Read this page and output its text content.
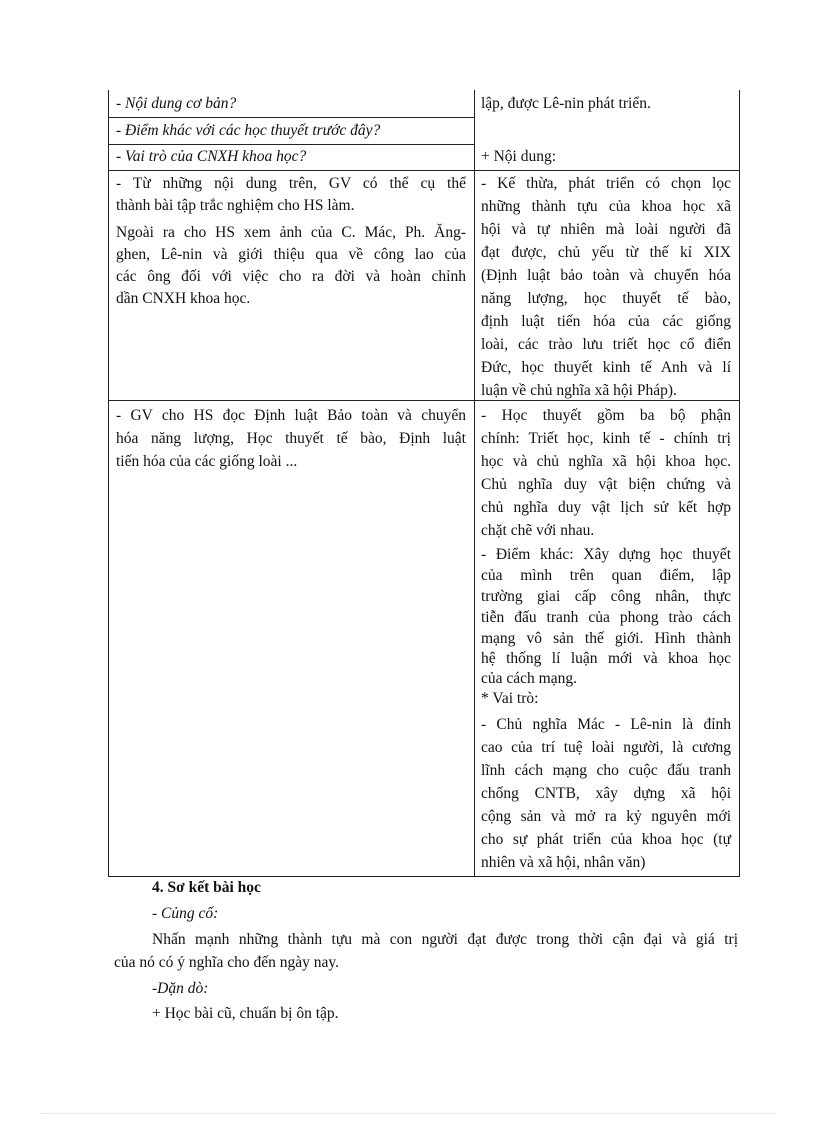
- Nội dung cơ bản?
- Điểm khác với các học thuyết trước đây?
- Vai trò của CNXH khoa học?
- Từ những nội dung trên, GV có thể cụ thể
thành bài tập trắc nghiệm cho HS làm.
Ngoài ra cho HS xem ảnh của C. Mác, Ph. Ăng-
ghen, Lê-nin và giới thiệu qua về công lao của
các ông đối với việc cho ra đời và hoàn chỉnh
dần CNXH khoa học.
- GV cho HS đọc Định luật Bảo toàn và chuyển
hóa năng lượng, Học thuyết tế bào, Định luật
tiến hóa của các giống loài ...
lập, được Lê-nin phát triển.
+ Nội dung:
- Kế thừa, phát triển có chọn lọc
những thành tựu của khoa học xã
hội và tự nhiên mà loài người đã
đạt được, chủ yếu từ thế kỉ XIX
(Định luật bảo toàn và chuyển hóa
năng lượng, học thuyết tế bào,
định luật tiến hóa của các giống
loài, các trào lưu triết học cổ điển
Đức, học thuyết kinh tế Anh và lí
luận về chủ nghĩa xã hội Pháp).
- Học thuyết gồm ba bộ phận
chính: Triết học, kinh tế - chính trị
học và chủ nghĩa xã hội khoa học.
Chủ nghĩa duy vật biện chứng và
chủ nghĩa duy vật lịch sử kết hợp
chặt chẽ với nhau.
- Điểm khác: Xây dựng học thuyết
của mình trên quan điểm, lập
trường giai cấp công nhân, thực
tiễn đấu tranh của phong trào cách
mạng vô sản thế giới. Hình thành
hệ thống lí luận mới và khoa học
của cách mạng.
* Vai trò:
- Chủ nghĩa Mác - Lê-nin là đỉnh
cao của trí tuệ loài người, là cương
lĩnh cách mạng cho cuộc đấu tranh
chống CNTB, xây dựng xã hội
cộng sản và mở ra kỷ nguyên mới
cho sự phát triển của khoa học (tự
nhiên và xã hội, nhân văn)
4. Sơ kết bài học
- Củng cố:
Nhấn mạnh những thành tựu mà con người đạt được trong thời cận đại và giá trị
của nó có ý nghĩa cho đến ngày nay.
-Dặn dò:
+ Học bài cũ, chuẩn bị ôn tập.
